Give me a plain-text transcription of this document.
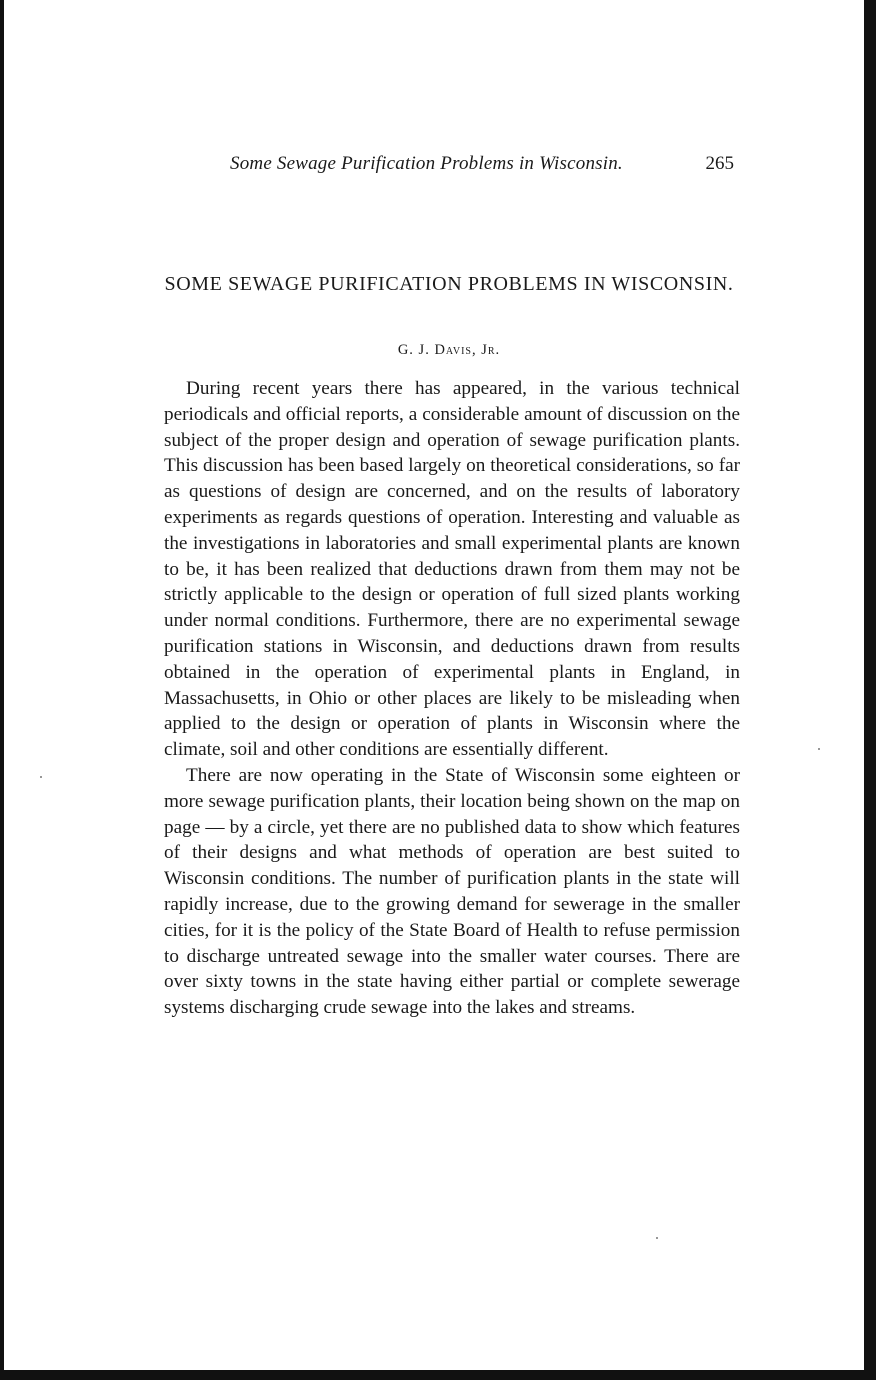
Some Sewage Purification Problems in Wisconsin.	265
SOME SEWAGE PURIFICATION PROBLEMS IN WISCONSIN.
G. J. Davis, Jr.

During recent years there has appeared, in the various technical periodicals and official reports, a considerable amount of discussion on the subject of the proper design and operation of sewage purification plants. This discussion has been based largely on theoretical considerations, so far as questions of design are concerned, and on the results of laboratory experiments as regards questions of operation. Interesting and valuable as the investigations in laboratories and small experimental plants are known to be, it has been realized that deductions drawn from them may not be strictly applicable to the design or operation of full sized plants working under normal conditions. Furthermore, there are no experimental sewage purification stations in Wisconsin, and deductions drawn from results obtained in the operation of experimental plants in England, in Massachusetts, in Ohio or other places are likely to be misleading when applied to the design or operation of plants in Wisconsin where the climate, soil and other conditions are essentially different.

There are now operating in the State of Wisconsin some eighteen or more sewage purification plants, their location being shown on the map on page — by a circle, yet there are no published data to show which features of their designs and what methods of operation are best suited to Wisconsin conditions. The number of purification plants in the state will rapidly increase, due to the growing demand for sewerage in the smaller cities, for it is the policy of the State Board of Health to refuse permission to discharge untreated sewage into the smaller water courses. There are over sixty towns in the state having either partial or complete sewerage systems discharging crude sewage into the lakes and streams.
